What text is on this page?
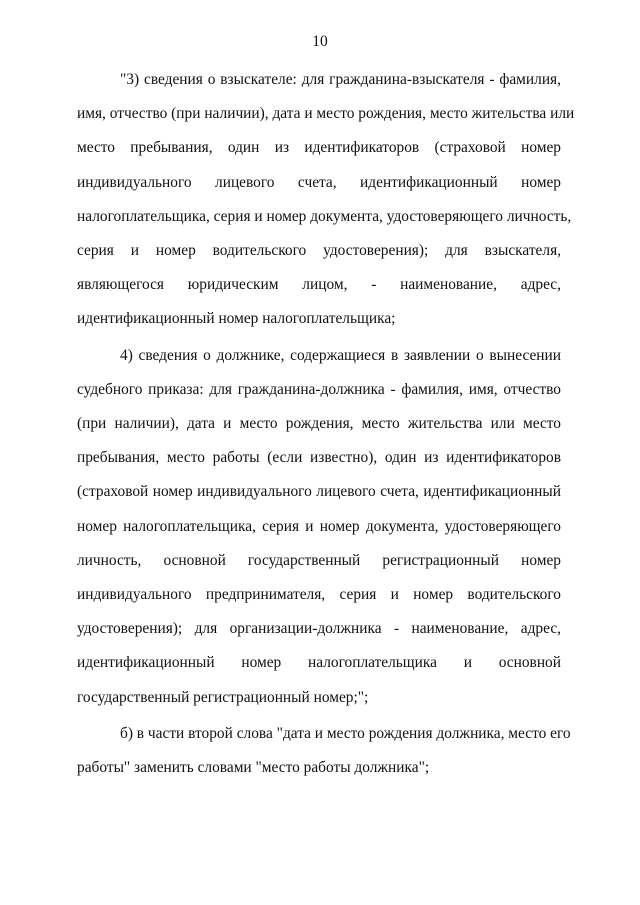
10

"3) сведения о взыскателе: для гражданина-взыскателя - фамилия,
имя, отчество (при наличии), дата и место рождения, место жительства или
место пребывания, один из идентификаторов (страховой номер
индивидуального лицевого счета, идентификационный номер
налогоплательщика, серия и номер документа, удостоверяющего личность,
серия и номер водительского удостоверения); для взыскателя,
являющегося юридическим лицом, - наименование, адрес,
идентификационный номер налогоплательщика;

4) сведения о должнике, содержащиеся в заявлении о вынесении
судебного приказа: для гражданина-должника - фамилия, имя, отчество
(при наличии), дата и место рождения, место жительства или место
пребывания, место работы (если известно), один из идентификаторов
(страховой номер индивидуального лицевого счета, идентификационный
номер налогоплательщика, серия и номер документа, удостоверяющего
личность, основной государственный регистрационный номер
индивидуального предпринимателя, серия и номер водительского
удостоверения); для организации-должника - наименование, адрес,
идентификационный номер налогоплательщика и основной
государственный регистрационный номер;";

б) в части второй слова "дата и место рождения должника, место его
работы" заменить словами "место работы должника";
